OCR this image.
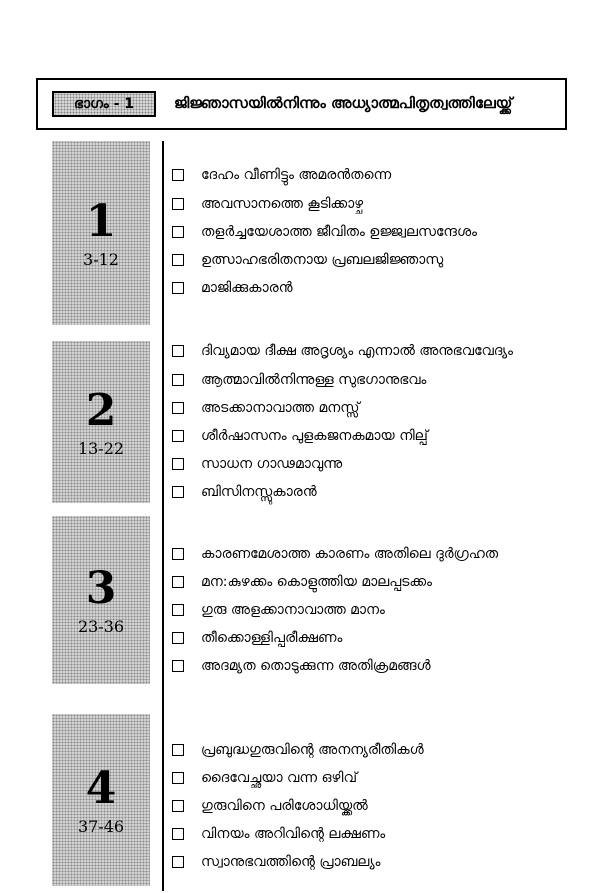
ഭാഗം - 1	ജിജ്ഞാസയിൽനിന്നും അധ്യാത്മപിതൃത്വത്തിലേയ്ക്ക്
1
3-12
ദേഹം വീണിട്ടും അമരൻതന്നെ
അവസാനത്തെ കൂടിക്കാഴ്ച
തളർച്ചയേശാത്ത ജീവിതം ഉജ്ജ്വലസന്ദേശം
ഉത്സാഹഭരിതനായ പ്രബലജിജ്ഞാസു
മാജിക്കുകാരൻ
2
13-22
ദിവ്യമായ ദീക്ഷ അദൃശ്യം എന്നാൽ അനുഭവവേദ്യം
ആത്മാവിൽനിന്നുള്ള സുഭഗാനുഭവം
അടക്കാനാവാത്ത മനസ്സ്
ശീർഷാസനം പുളകജനകമായ നില്പ്
സാധന ഗാഢമാവുന്നു
ബിസിനസ്സുകാരൻ
3
23-36
കാരണമേശാത്ത കാരണം അതിലെ ദുർഗ്രഹത
മന:കുഴക്കം കൊളുത്തിയ മാലപ്പടക്കം
ഗുരു അളക്കാനാവാത്ത മാനം
തീക്കൊള്ളിപ്പരീക്ഷണം
അദമ്യത തൊടുക്കുന്ന അതിക്രമങ്ങൾ
4
37-46
പ്രബുദ്ധഗുരുവിന്റെ അനന്യരീതികൾ
ദൈവേച്ഛയാ വന്ന ഒഴിവ്
ഗുരുവിനെ പരിശോധിയ്ക്കൽ
വിനയം അറിവിന്റെ ലക്ഷണം
സ്വാനുഭവത്തിന്റെ പ്രാബല്യം
